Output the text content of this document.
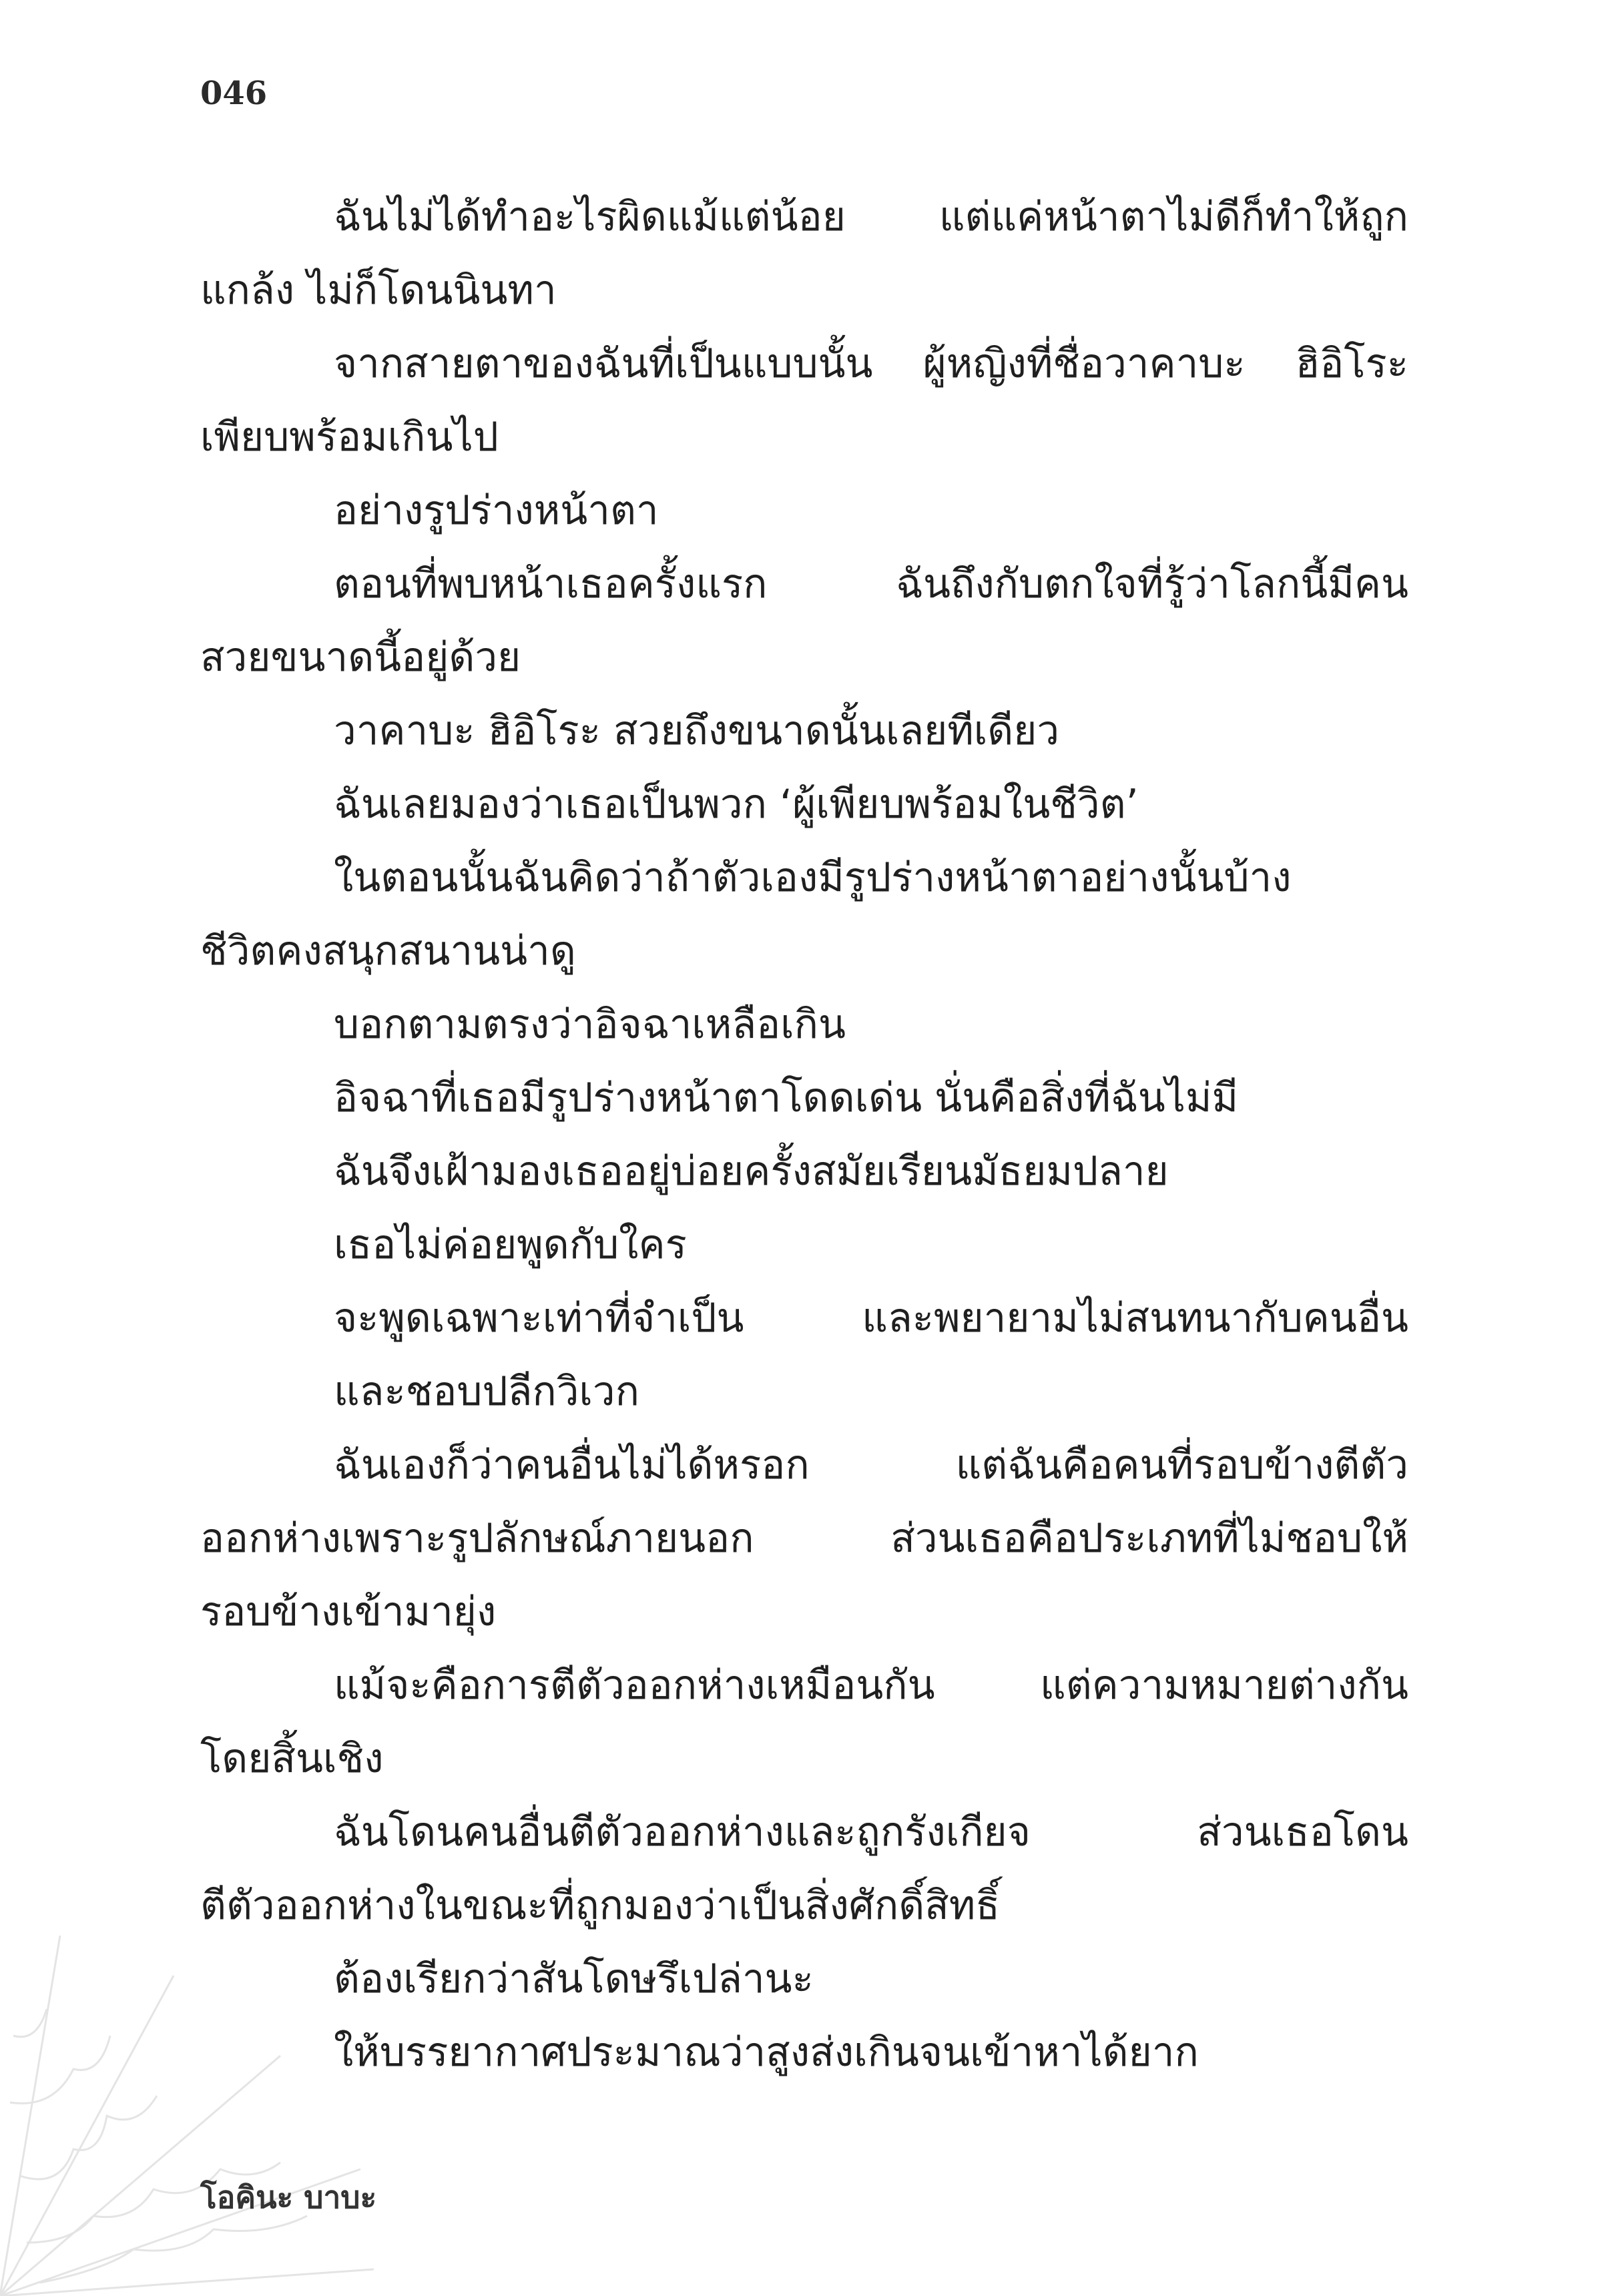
046
ฉันไม่ได้ทำอะไรผิดแม้แต่น้อย แต่แค่หน้าตาไม่ดีก็ทำให้ถูก
แกล้ง ไม่ก็โดนนินทา
จากสายตาของฉันที่เป็นแบบนั้น ผู้หญิงที่ชื่อวาคาบะ ฮิอิโระ
เพียบพร้อมเกินไป
อย่างรูปร่างหน้าตา
ตอนที่พบหน้าเธอครั้งแรก ฉันถึงกับตกใจที่รู้ว่าโลกนี้มีคน
สวยขนาดนี้อยู่ด้วย
วาคาบะ ฮิอิโระ สวยถึงขนาดนั้นเลยทีเดียว
ฉันเลยมองว่าเธอเป็นพวก ‘ผู้เพียบพร้อมในชีวิต’
ในตอนนั้นฉันคิดว่าถ้าตัวเองมีรูปร่างหน้าตาอย่างนั้นบ้าง
ชีวิตคงสนุกสนานน่าดู
บอกตามตรงว่าอิจฉาเหลือเกิน
อิจฉาที่เธอมีรูปร่างหน้าตาโดดเด่น นั่นคือสิ่งที่ฉันไม่มี
ฉันจึงเฝ้ามองเธออยู่บ่อยครั้งสมัยเรียนมัธยมปลาย
เธอไม่ค่อยพูดกับใคร
จะพูดเฉพาะเท่าที่จำเป็น และพยายามไม่สนทนากับคนอื่น
และชอบปลีกวิเวก
ฉันเองก็ว่าคนอื่นไม่ได้หรอก แต่ฉันคือคนที่รอบข้างตีตัว
ออกห่างเพราะรูปลักษณ์ภายนอก ส่วนเธอคือประเภทที่ไม่ชอบให้
รอบข้างเข้ามายุ่ง
แม้จะคือการตีตัวออกห่างเหมือนกัน แต่ความหมายต่างกัน
โดยสิ้นเชิง
ฉันโดนคนอื่นตีตัวออกห่างและถูกรังเกียจ ส่วนเธอโดน
ตีตัวออกห่างในขณะที่ถูกมองว่าเป็นสิ่งศักดิ์สิทธิ์
ต้องเรียกว่าสันโดษรึเปล่านะ
ให้บรรยากาศประมาณว่าสูงส่งเกินจนเข้าหาได้ยาก
โอคินะ บาบะ
